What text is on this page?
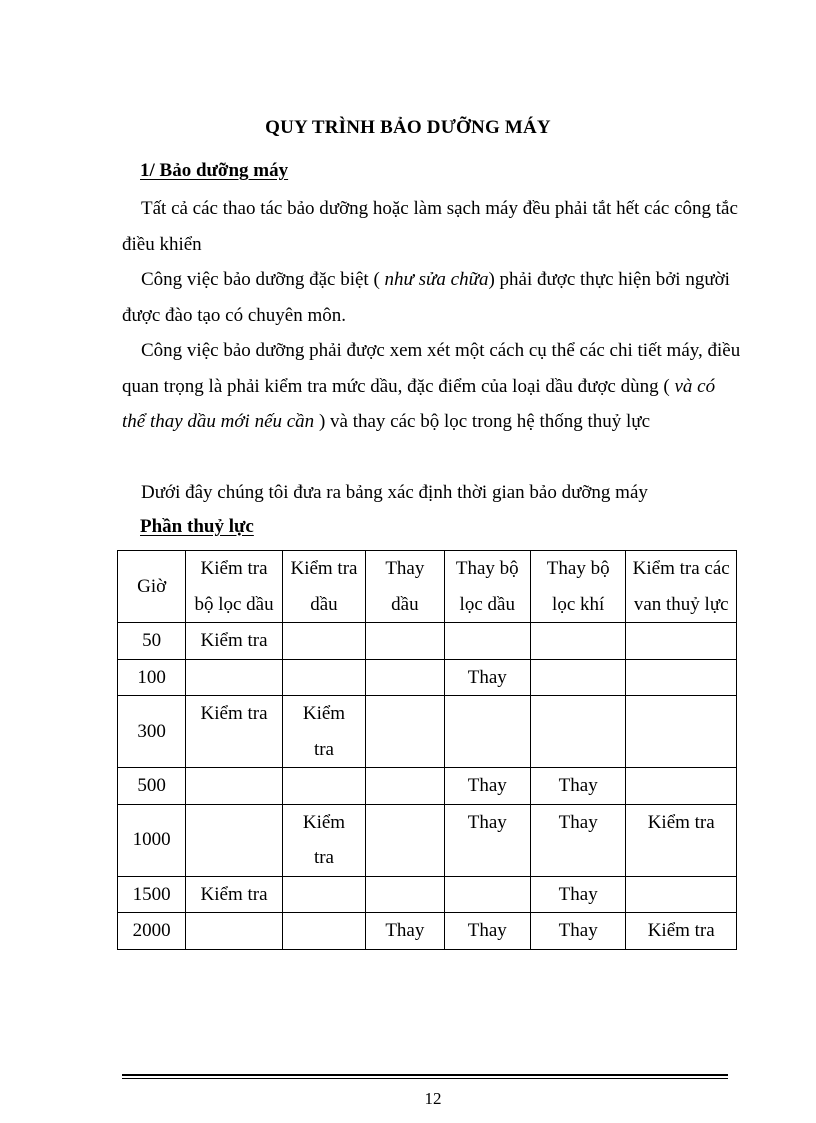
QUY TRÌNH BẢO DƯỠNG MÁY
1/ Bảo dưỡng máy

Tất cả các thao tác bảo dưỡng hoặc làm sạch máy đều phải tắt hết các công tắc điều khiển

Công việc bảo dưỡng đặc biệt ( như sửa chữa) phải được thực hiện bởi người được đào tạo có chuyên môn.

Công việc bảo dưỡng phải được xem xét một cách cụ thể các chi tiết máy, điều quan trọng là phải kiểm tra mức dầu, đặc điểm của loại dầu được dùng ( và có thể thay dầu mới nếu cần ) và thay các bộ lọc trong hệ thống thuỷ lực

Dưới đây chúng tôi đưa ra bảng xác định thời gian bảo dưỡng máy

Phần thuỷ lực
Giờ	Kiểm tra bộ lọc dầu	Kiểm tra dầu	Thay dầu	Thay bộ lọc dầu	Thay bộ lọc khí	Kiểm tra các van thuỷ lực
50	Kiểm tra					
100				Thay		
300	Kiểm tra	Kiểm tra				
500				Thay	Thay	
1000		Kiểm tra		Thay	Thay	Kiểm tra
1500	Kiểm tra				Thay	
2000			Thay	Thay	Thay	Kiểm tra
12
